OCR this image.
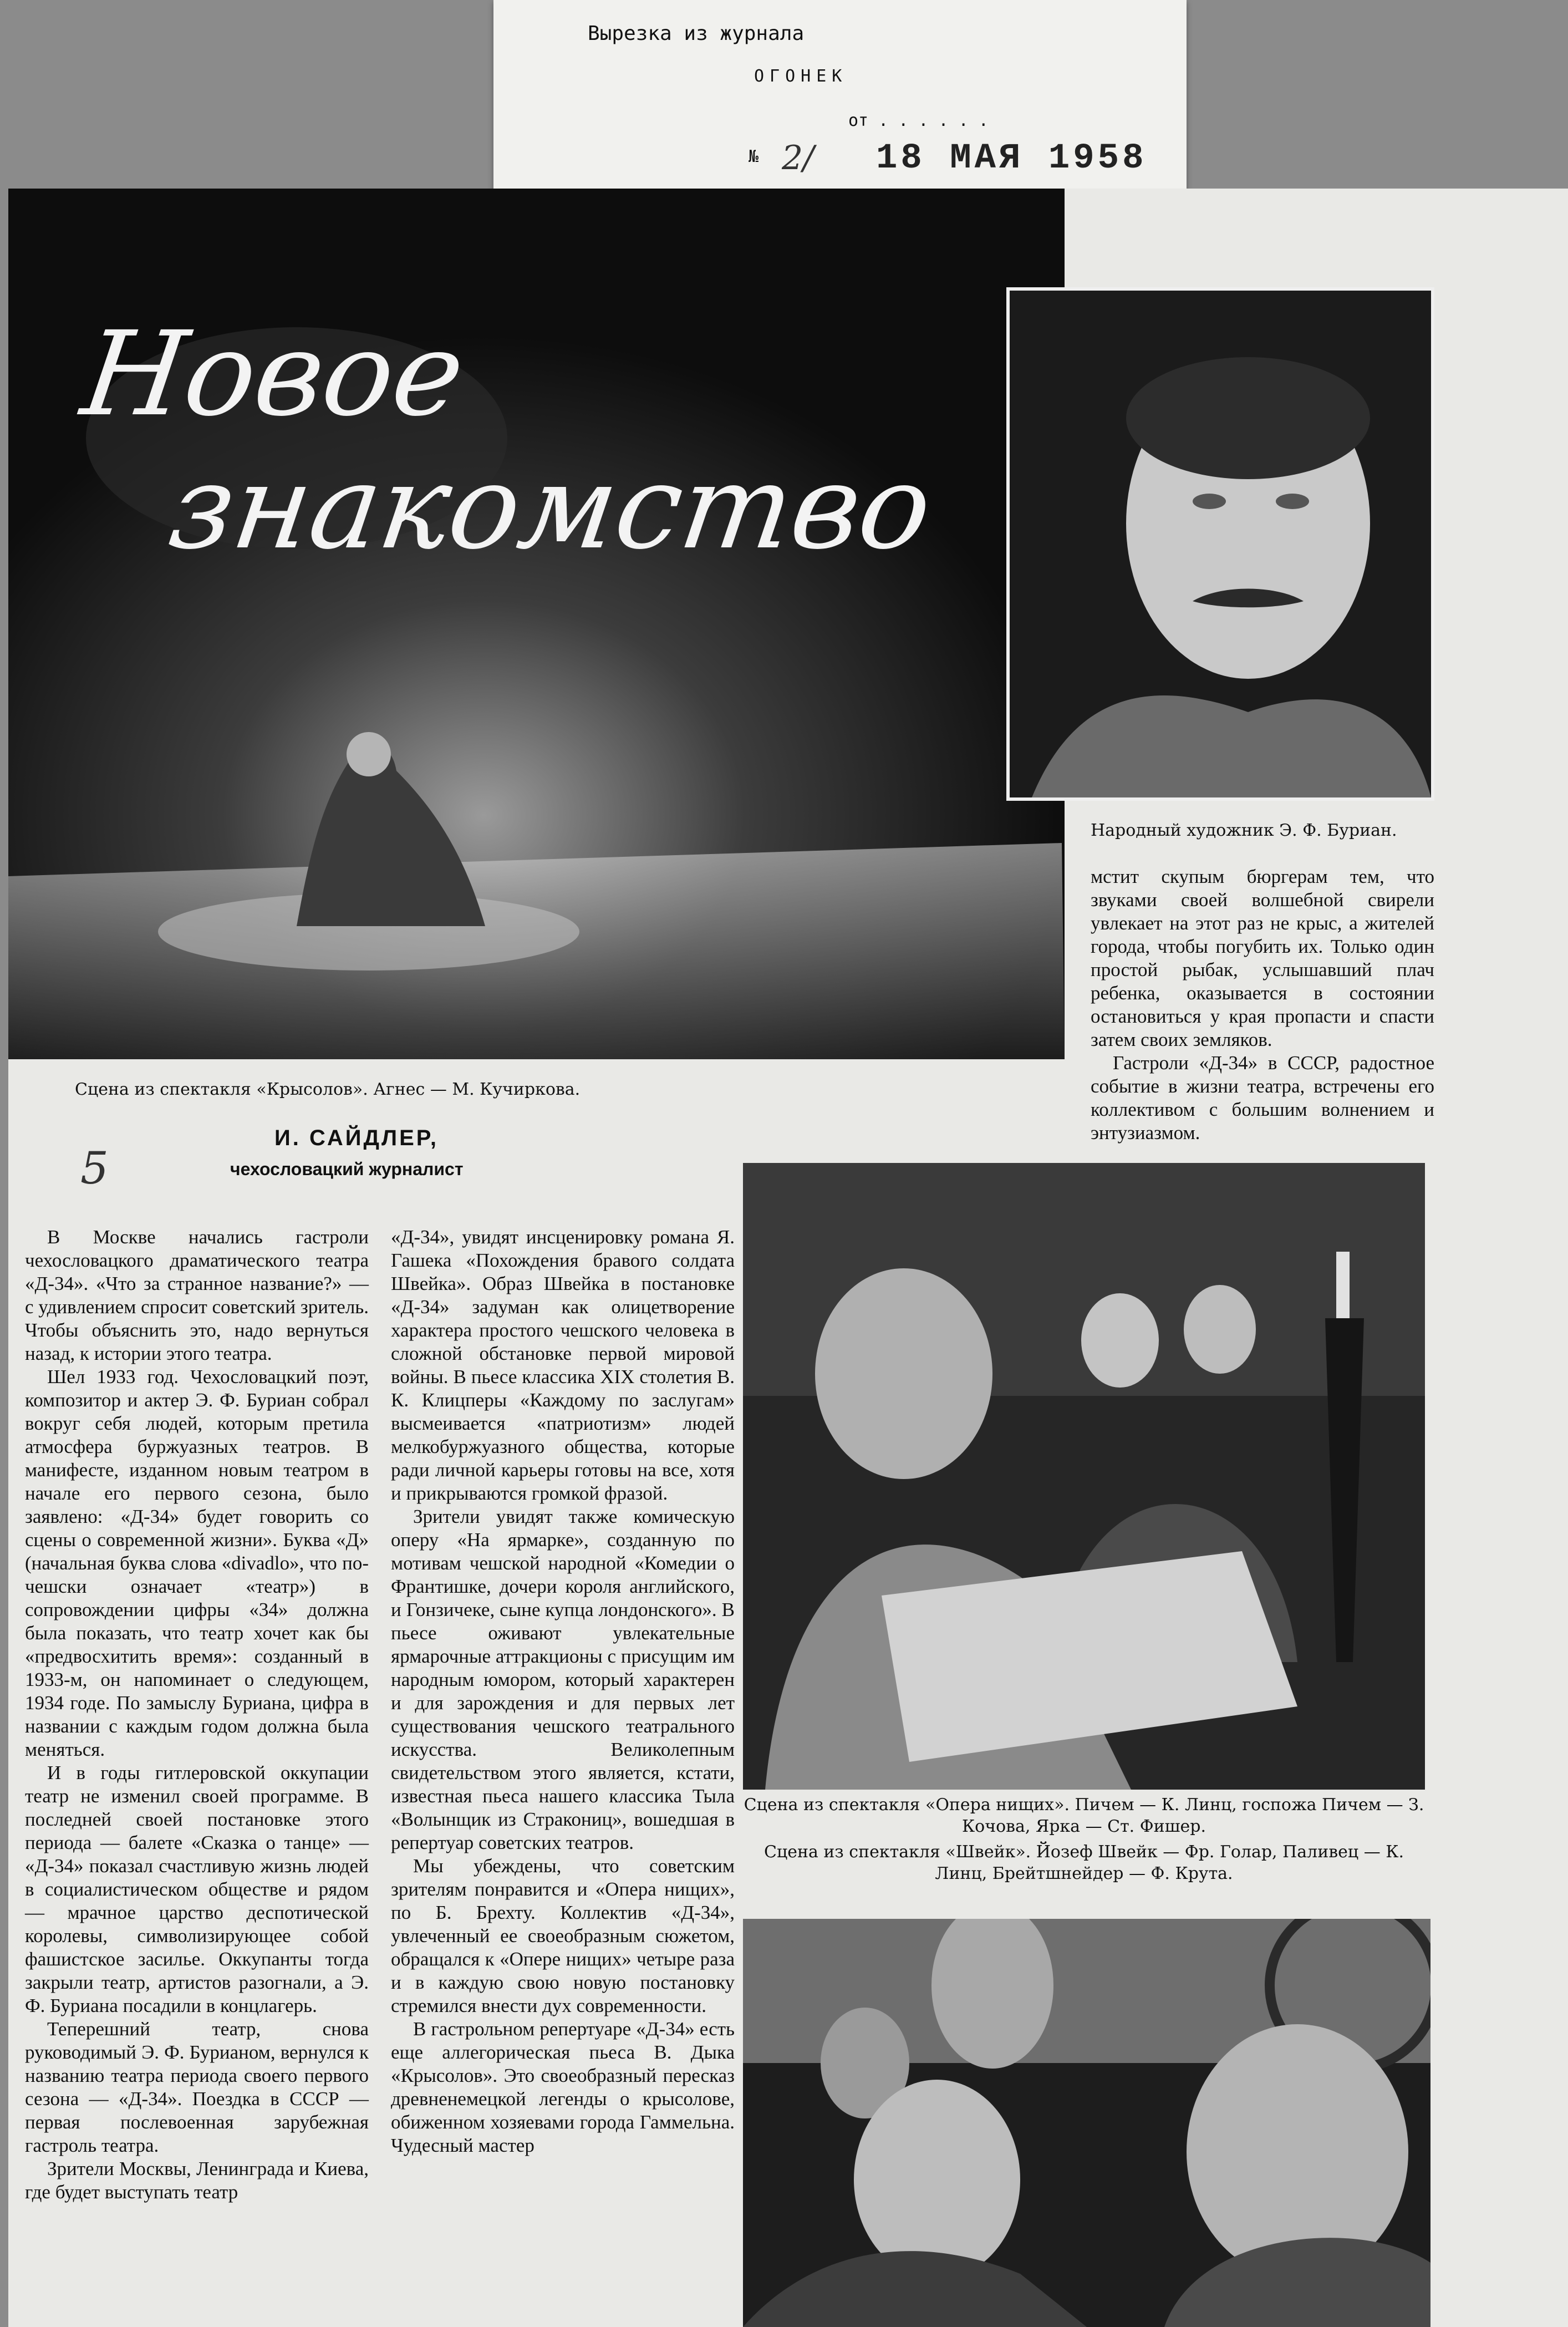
Вырезка из журнала
ОГОНЕК
от . . . . . .
№ 2/ 18 МАЯ 1958
Новое
знакомство
Народный художник Э. Ф. Буриан.
Сцена из спектакля «Крысолов». Агнес — М. Кучиркова.
5
И. САЙДЛЕР,
чехословацкий журналист

В Москве начались гастроли чехословацкого драматического театра «Д-34». «Что за странное название?» — с удивлением спросит советский зритель. Чтобы объяснить это, надо вернуться назад, к истории этого театра.

Шел 1933 год. Чехословацкий поэт, композитор и актер Э. Ф. Буриан собрал вокруг себя людей, которым претила атмосфера буржуазных театров. В манифесте, изданном новым театром в начале его первого сезона, было заявлено: «Д-34» будет говорить со сцены о современной жизни». Буква «Д» (начальная буква слова «divadlo», что по-чешски означает «театр») в сопровождении цифры «34» должна была показать, что театр хочет как бы «предвосхитить время»: созданный в 1933-м, он напоминает о следующем, 1934 годе. По замыслу Буриана, цифра в названии с каждым годом должна была меняться.

И в годы гитлеровской оккупации театр не изменил своей программе. В последней своей постановке этого периода — балете «Сказка о танце» — «Д-34» показал счастливую жизнь людей в социалистическом обществе и рядом — мрачное царство деспотической королевы, символизирующее собой фашистское засилье. Оккупанты тогда закрыли театр, артистов разогнали, а Э. Ф. Буриана посадили в концлагерь.

Теперешний театр, снова руководимый Э. Ф. Бурианом, вернулся к названию театра периода своего первого сезона — «Д-34». Поездка в СССР — первая послевоенная зарубежная гастроль театра.

Зрители Москвы, Ленинграда и Киева, где будет выступать театр

«Д-34», увидят инсценировку романа Я. Гашека «Похождения бравого солдата Швейка». Образ Швейка в постановке «Д-34» задуман как олицетворение характера простого чешского человека в сложной обстановке первой мировой войны. В пьесе классика XIX столетия В. К. Клицперы «Каждому по заслугам» высмеивается «патриотизм» людей мелкобуржуазного общества, которые ради личной карьеры готовы на все, хотя и прикрываются громкой фразой.

Зрители увидят также комическую оперу «На ярмарке», созданную по мотивам чешской народной «Комедии о Франтишке, дочери короля английского, и Гонзичеке, сыне купца лондонского». В пьесе оживают увлекательные ярмарочные аттракционы с присущим им народным юмором, который характерен и для зарождения и для первых лет существования чешского театрального искусства. Великолепным свидетельством этого является, кстати, известная пьеса нашего классика Тыла «Волынщик из Стракониц», вошедшая в репертуар советских театров.

Мы убеждены, что советским зрителям понравится и «Опера нищих», по Б. Брехту. Коллектив «Д-34», увлеченный ее своеобразным сюжетом, обращался к «Опере нищих» четыре раза и в каждую свою новую постановку стремился внести дух современности.

В гастрольном репертуаре «Д-34» есть еще аллегорическая пьеса В. Дыка «Крысолов». Это своеобразный пересказ древненемецкой легенды о крысолове, обиженном хозяевами города Гаммельна. Чудесный мастер

мстит скупым бюргерам тем, что звуками своей волшебной свирели увлекает на этот раз не крыс, а жителей города, чтобы погубить их. Только один простой рыбак, услышавший плач ребенка, оказывается в состоянии остановиться у края пропасти и спасти затем своих земляков.

Гастроли «Д-34» в СССР, радостное событие в жизни театра, встречены его коллективом с большим волнением и энтузиазмом.

Сцена из спектакля «Опера нищих». Пичем — К. Линц, госпожа Пичем — З. Кочова, Ярка — Ст. Фишер.
Сцена из спектакля «Швейк». Йозеф Швейк — Фр. Голар, Паливец — К. Линц, Брейтшнейдер — Ф. Крута.
